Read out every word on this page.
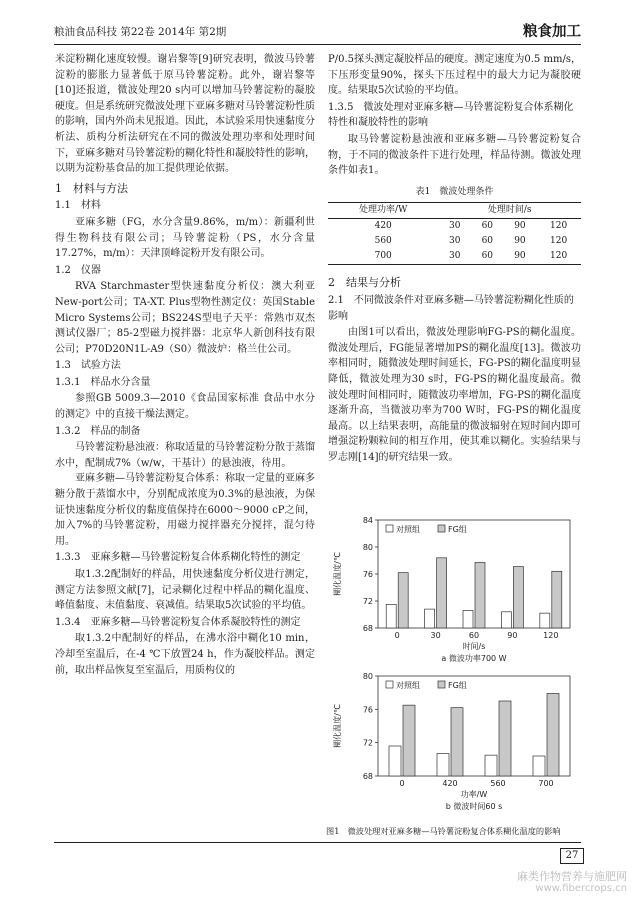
粮油食品科技 第22卷 2014年 第2期	粮食加工

米淀粉糊化速度较慢。谢岩黎等[9]研究表明，微波马铃薯淀粉的膨胀力显著低于原马铃薯淀粉。此外，谢岩黎等[10]还报道，微波处理20 s内可以增加马铃薯淀粉的凝胶硬度。但是系统研究微波处理下亚麻多糖对马铃薯淀粉性质的影响，国内外尚未见报道。因此，本试验采用快速黏度分析法、质构分析法研究在不同的微波处理功率和处理时间下，亚麻多糖对马铃薯淀粉的糊化特性和凝胶特性的影响，以期为淀粉基食品的加工提供理论依据。

1　材料与方法
1.1　材料

亚麻多糖（FG，水分含量9.86%，m/m）：新疆利世得生物科技有限公司；马铃薯淀粉（PS，水分含量17.27%，m/m）：天津顶峰淀粉开发有限公司。

1.2　仪器

RVA Starchmaster型快速黏度分析仪：澳大利亚New-port公司；TA-XT. Plus型物性测定仪：英国Stable Micro Systems公司；BS224S型电子天平：常熟市双杰测试仪器厂；85-2型磁力搅拌器：北京华人新创科技有限公司；P70D20N1L-A9（S0）微波炉：格兰仕公司。

1.3　试验方法
1.3.1　样品水分含量

参照GB 5009.3—2010《食品国家标准 食品中水分的测定》中的直接干燥法测定。

1.3.2　样品的制备

马铃薯淀粉悬浊液：称取适量的马铃薯淀粉分散于蒸馏水中，配制成7%（w/w，干基计）的悬浊液，待用。

亚麻多糖—马铃薯淀粉复合体系：称取一定量的亚麻多糖分散于蒸馏水中，分别配成浓度为0.3%的悬浊液，为保证快速黏度分析仪的黏度值保持在6000～9000 cP之间，加入7%的马铃薯淀粉，用磁力搅拌器充分搅拌，混匀待用。

1.3.3　亚麻多糖—马铃薯淀粉复合体系糊化特性的测定

取1.3.2配制好的样品，用快速黏度分析仪进行测定，测定方法参照文献[7]，记录糊化过程中样品的糊化温度、峰值黏度、末值黏度、衰减值。结果取5次试验的平均值。

1.3.4　亚麻多糖—马铃薯淀粉复合体系凝胶特性的测定

取1.3.2中配制好的样品，在沸水浴中糊化10 min，冷却至室温后，在-4 ℃下放置24 h，作为凝胶样品。测定前，取出样品恢复至室温后，用质构仪的

P/0.5探头测定凝胶样品的硬度。测定速度为0.5 mm/s，下压形变量90%，探头下压过程中的最大力记为凝胶硬度。结果取5次试验的平均值。

1.3.5　微波处理对亚麻多糖—马铃薯淀粉复合体系糊化特性和凝胶特性的影响

取马铃薯淀粉悬浊液和亚麻多糖—马铃薯淀粉复合物，于不同的微波条件下进行处理，样品待测。微波处理条件如表1。

表1　微波处理条件
处理功率/W	处理时间/s			
420	30	60	90	120
560	30	60	90	120
700	30	60	90	120
2　结果与分析
2.1　不同微波条件对亚麻多糖—马铃薯淀粉糊化性质的影响

由图1可以看出，微波处理影响FG-PS的糊化温度。微波处理后，FG能显著增加PS的糊化温度[13]。微波功率相同时，随微波处理时间延长，FG-PS的糊化温度明显降低，微波处理为30 s时，FG-PS的糊化温度最高。微波处理时间相同时，随微波功率增加，FG-PS的糊化温度逐渐升高，当微波功率为700 W时，FG-PS的糊化温度最高。以上结果表明，高能量的微波辐射在短时间内即可增强淀粉颗粒间的相互作用，使其难以糊化。实验结果与罗志刚[14]的研究结果一致。

68
72
76
80
84
糊化温度/℃
0	30	60	90	120
时间/s
a 微波功率700 W
对照组	FG组
68
72
76
80
糊化温度/℃
0	420	560	700
功率/W
b 微波时间60 s
对照组	FG组
图1　微波处理对亚麻多糖—马铃薯淀粉复合体系糊化温度的影响
27
麻类作物营养与施肥网
www.fibercrops.cn
